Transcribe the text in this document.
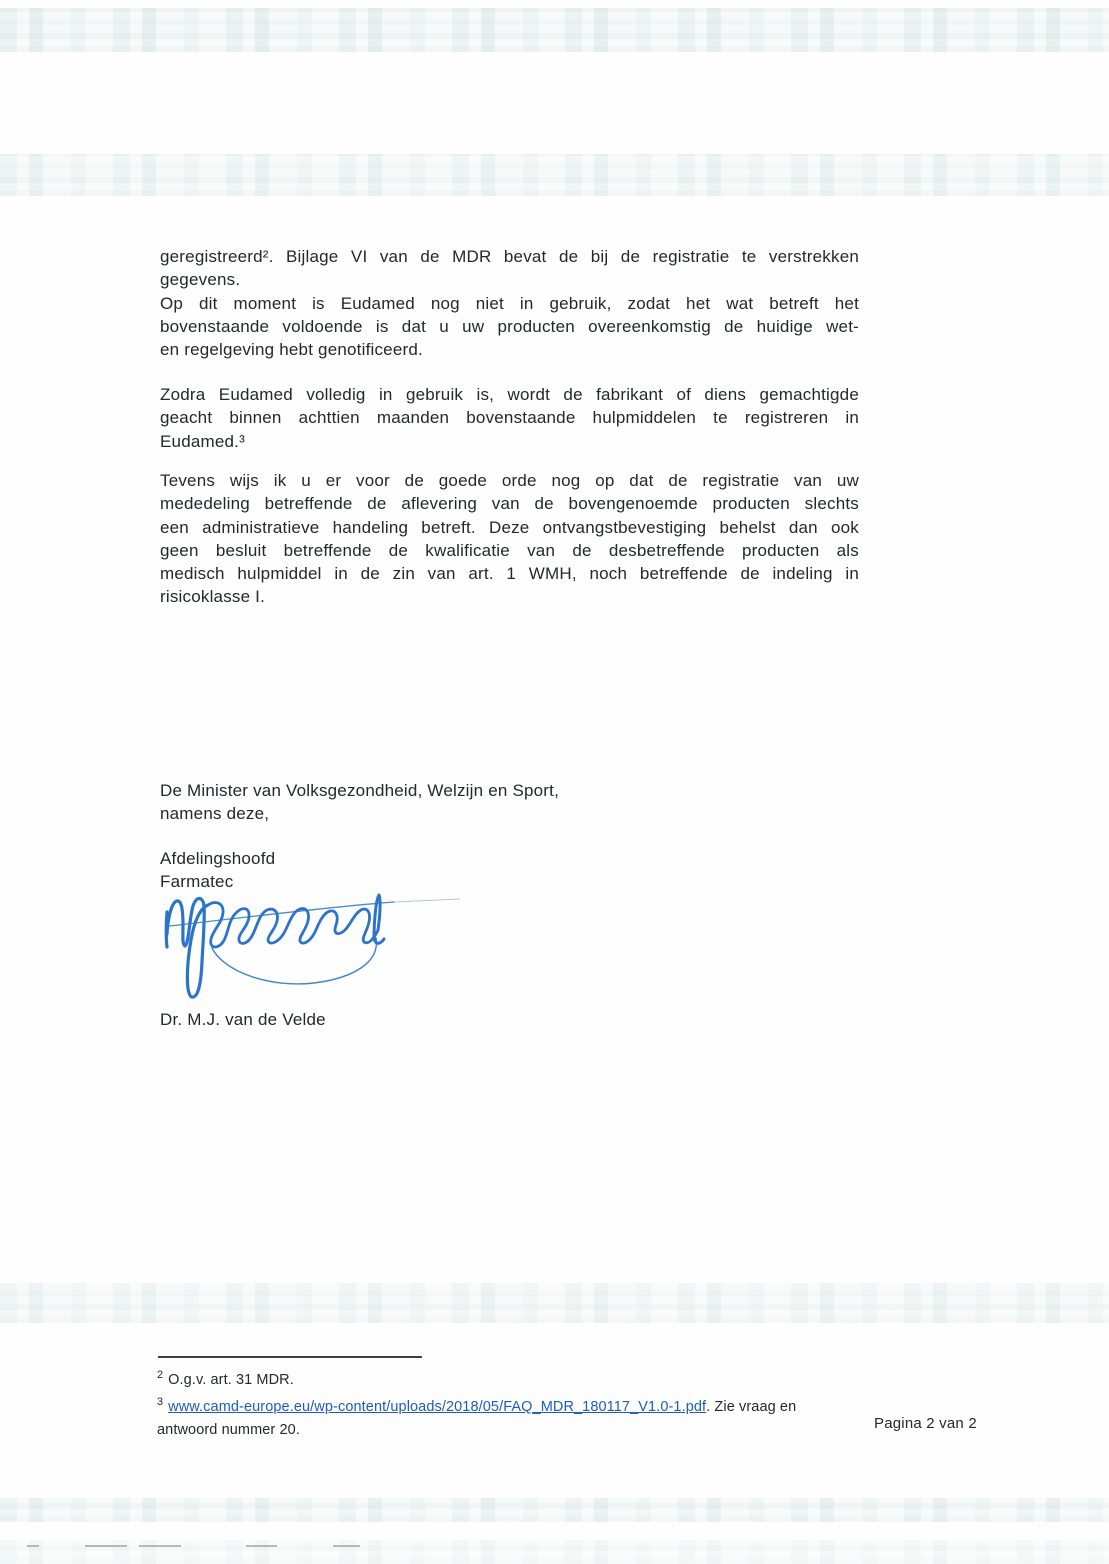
geregistreerd². Bijlage VI van de MDR bevat de bij de registratie te verstrekken
gegevens.
Op dit moment is Eudamed nog niet in gebruik, zodat het wat betreft het
bovenstaande voldoende is dat u uw producten overeenkomstig de huidige wet-
en regelgeving hebt genotificeerd.
Zodra Eudamed volledig in gebruik is, wordt de fabrikant of diens gemachtigde
geacht binnen achttien maanden bovenstaande hulpmiddelen te registreren in
Eudamed.³
Tevens wijs ik u er voor de goede orde nog op dat de registratie van uw
mededeling betreffende de aflevering van de bovengenoemde producten slechts
een administratieve handeling betreft. Deze ontvangstbevestiging behelst dan ook
geen besluit betreffende de kwalificatie van de desbetreffende producten als
medisch hulpmiddel in de zin van art. 1 WMH, noch betreffende de indeling in
risicoklasse I.
De Minister van Volksgezondheid, Welzijn en Sport,
namens deze,
Afdelingshoofd
Farmatec
Dr. M.J. van de Velde
$^2$ O.g.v. art. 31 MDR.
$^3$ www.camd-europe.eu/wp-content/uploads/2018/05/FAQ_MDR_180117_V1.0-1.pdf. Zie vraag en
antwoord nummer 20.	Pagina 2 van 2
